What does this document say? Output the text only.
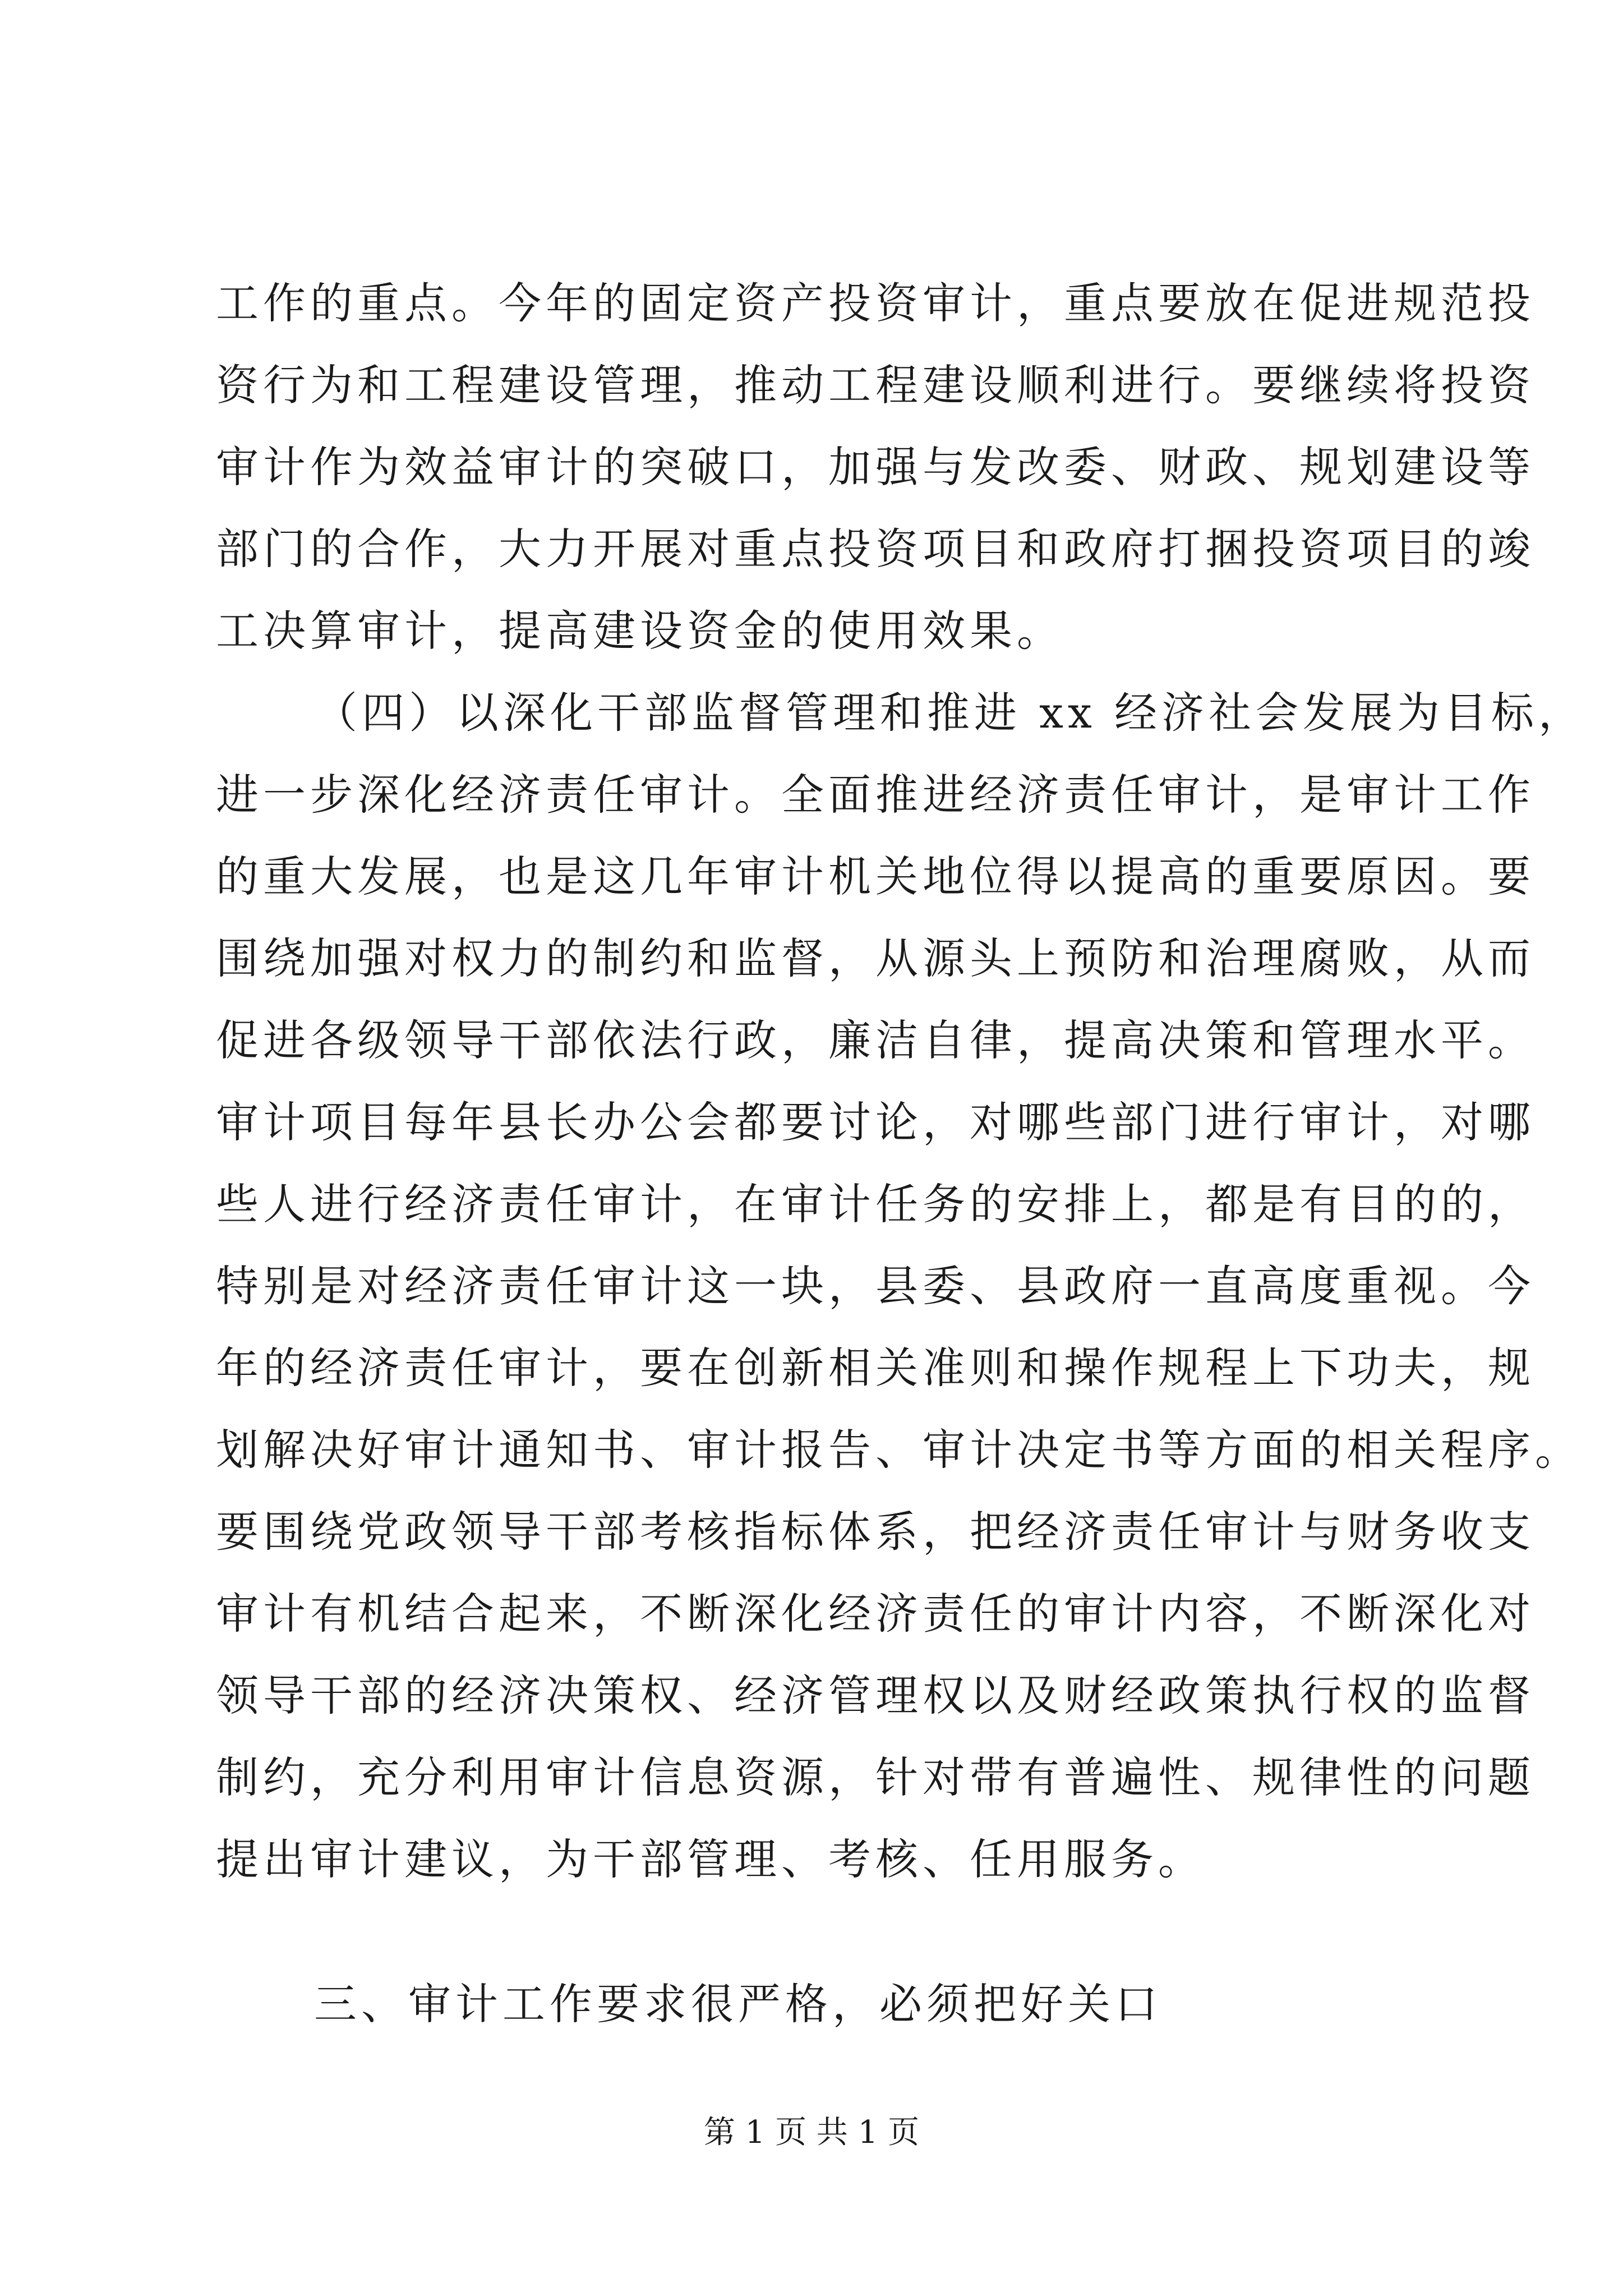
工作的重点。今年的固定资产投资审计，重点要放在促进规范投
资行为和工程建设管理，推动工程建设顺利进行。要继续将投资
审计作为效益审计的突破口，加强与发改委、财政、规划建设等
部门的合作，大力开展对重点投资项目和政府打捆投资项目的竣
工决算审计，提高建设资金的使用效果。
（四）以深化干部监督管理和推进 xx 经济社会发展为目标，
进一步深化经济责任审计。全面推进经济责任审计，是审计工作
的重大发展，也是这几年审计机关地位得以提高的重要原因。要
围绕加强对权力的制约和监督，从源头上预防和治理腐败，从而
促进各级领导干部依法行政，廉洁自律，提高决策和管理水平。
审计项目每年县长办公会都要讨论，对哪些部门进行审计，对哪
些人进行经济责任审计，在审计任务的安排上，都是有目的的，
特别是对经济责任审计这一块，县委、县政府一直高度重视。今
年的经济责任审计，要在创新相关准则和操作规程上下功夫，规
划解决好审计通知书、审计报告、审计决定书等方面的相关程序。
要围绕党政领导干部考核指标体系，把经济责任审计与财务收支
审计有机结合起来，不断深化经济责任的审计内容，不断深化对
领导干部的经济决策权、经济管理权以及财经政策执行权的监督
制约，充分利用审计信息资源，针对带有普遍性、规律性的问题
提出审计建议，为干部管理、考核、任用服务。
三、审计工作要求很严格，必须把好关口
第 1 页 共 1 页
